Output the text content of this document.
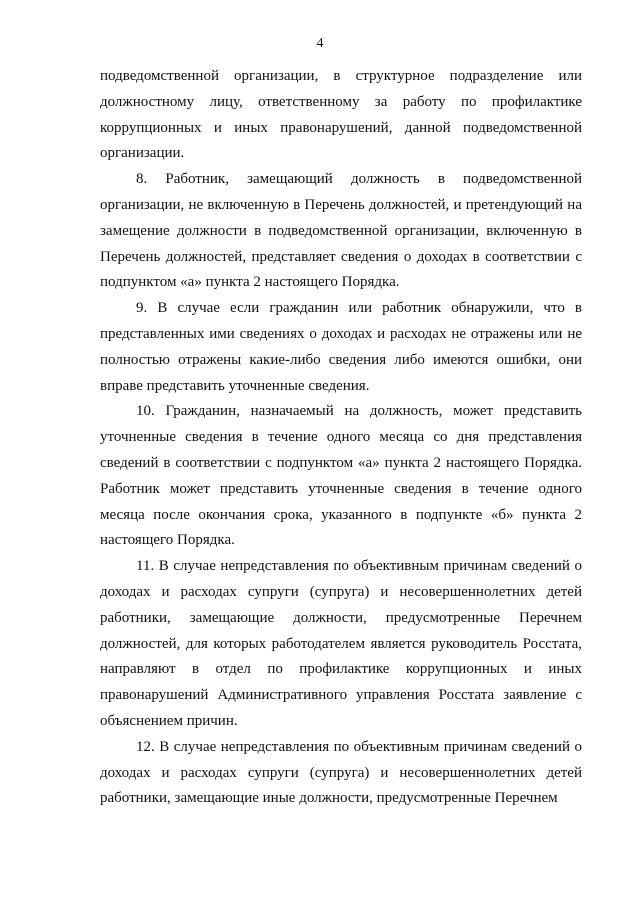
4

подведомственной организации, в структурное подразделение или должностному лицу, ответственному за работу по профилактике коррупционных и иных правонарушений, данной подведомственной организации.

8. Работник, замещающий должность в подведомственной организации, не включенную в Перечень должностей, и претендующий на замещение должности в подведомственной организации, включенную в Перечень должностей, представляет сведения о доходах в соответствии с подпунктом «а» пункта 2 настоящего Порядка.

9. В случае если гражданин или работник обнаружили, что в представленных ими сведениях о доходах и расходах не отражены или не полностью отражены какие-либо сведения либо имеются ошибки, они вправе представить уточненные сведения.

10. Гражданин, назначаемый на должность, может представить уточненные сведения в течение одного месяца со дня представления сведений в соответствии с подпунктом «а» пункта 2 настоящего Порядка. Работник может представить уточненные сведения в течение одного месяца после окончания срока, указанного в подпункте «б» пункта 2 настоящего Порядка.

11. В случае непредставления по объективным причинам сведений о доходах и расходах супруги (супруга) и несовершеннолетних детей работники, замещающие должности, предусмотренные Перечнем должностей, для которых работодателем является руководитель Росстата, направляют в отдел по профилактике коррупционных и иных правонарушений Административного управления Росстата заявление с объяснением причин.

12. В случае непредставления по объективным причинам сведений о доходах и расходах супруги (супруга) и несовершеннолетних детей работники, замещающие иные должности, предусмотренные Перечнем
